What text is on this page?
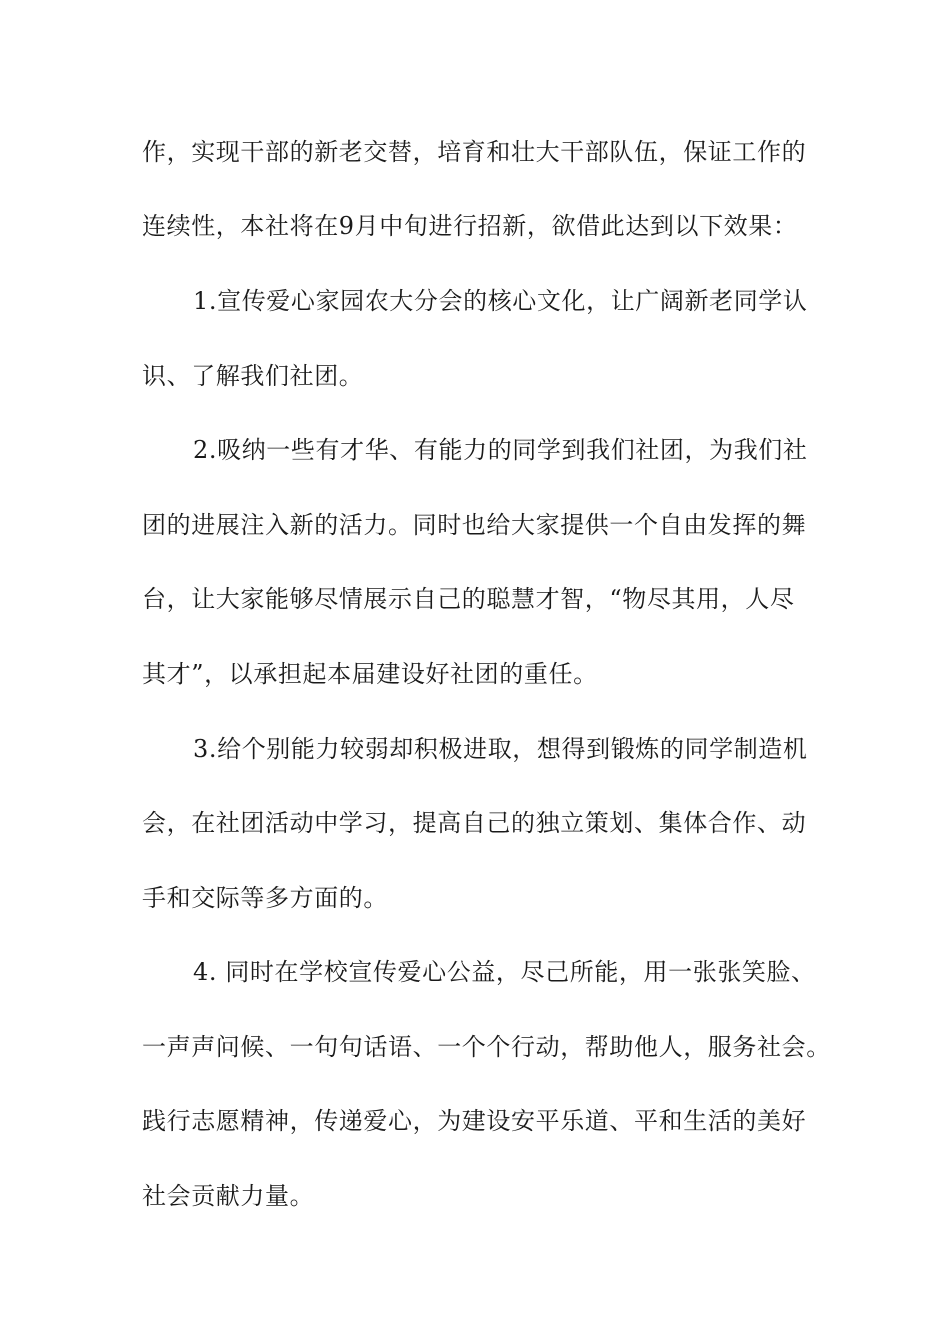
作，实现干部的新老交替，培育和壮大干部队伍，保证工作的
连续性，本社将在9月中旬进行招新，欲借此达到以下效果：
1.宣传爱心家园农大分会的核心文化，让广阔新老同学认
识、了解我们社团。
2.吸纳一些有才华、有能力的同学到我们社团，为我们社
团的进展注入新的活力。同时也给大家提供一个自由发挥的舞
台，让大家能够尽情展示自己的聪慧才智，“物尽其用，人尽
其才”，以承担起本届建设好社团的重任。
3.给个别能力较弱却积极进取，想得到锻炼的同学制造机
会，在社团活动中学习，提高自己的独立策划、集体合作、动
手和交际等多方面的。
4. 同时在学校宣传爱心公益，尽己所能，用一张张笑脸、
一声声问候、一句句话语、一个个行动，帮助他人，服务社会。
践行志愿精神，传递爱心，为建设安平乐道、平和生活的美好
社会贡献力量。
